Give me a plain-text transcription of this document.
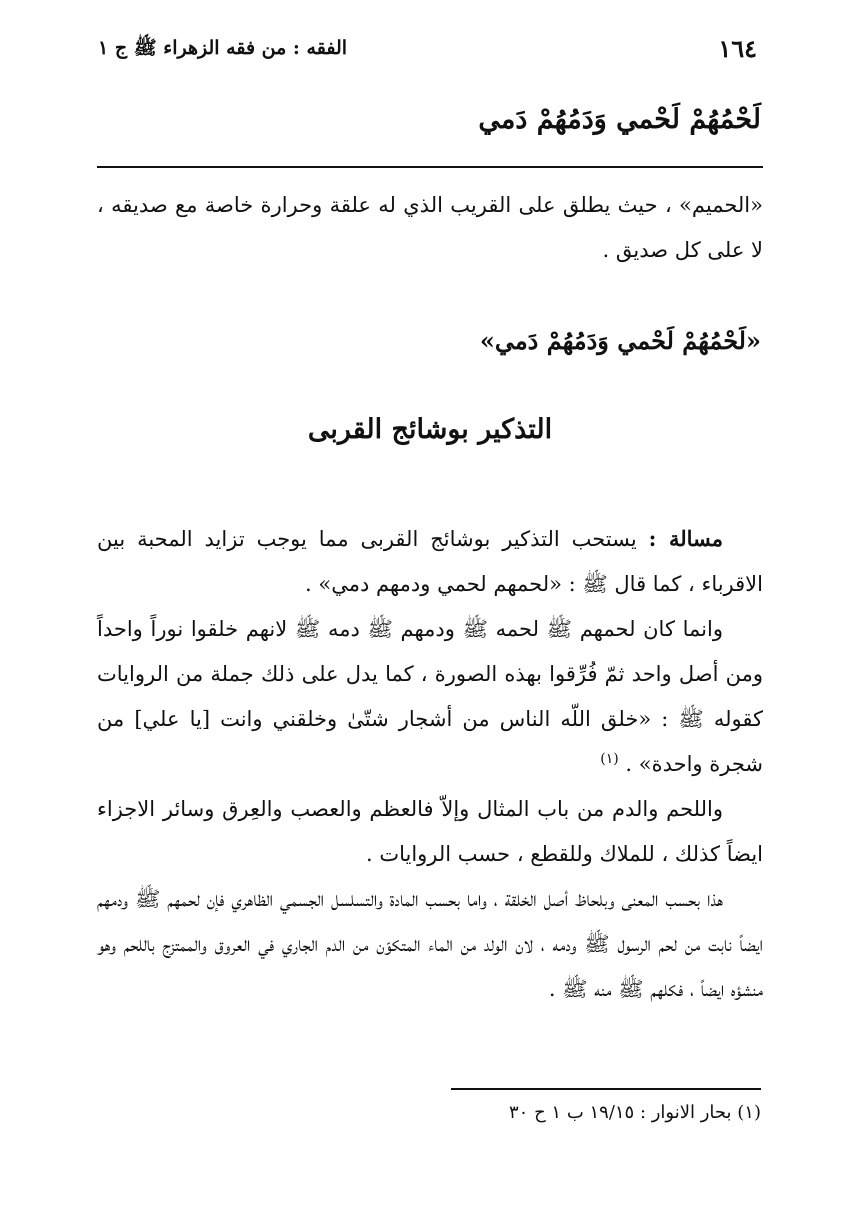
١٦٤
الفقه : من فقه الزهراء ﷺ ج ١
لَحْمُهُمْ لَحْمي وَدَمُهُمْ دَمي
«الحميم» ، حيث يطلق على القريب الذي له علقة وحرارة خاصة مع صديقه ، لا على كل صديق .
«لَحْمُهُمْ لَحْمي وَدَمُهُمْ دَمي»
التذكير بوشائج القربى

مسالة : يستحب التذكير بوشائج القربى مما يوجب تزايد المحبة بين الاقرباء ، كما قال ﷺ : «لحمهم لحمي ودمهم دمي» .

وانما كان لحمهم ﷺ لحمه ﷺ ودمهم ﷺ دمه ﷺ لانهم خلقوا نوراً واحداً ومن أصل واحد ثمّ فُرِّقوا بهذه الصورة ، كما يدل على ذلك جملة من الروايات كقوله ﷺ : «خلق اللّه الناس من أشجار شتّىٰ وخلقني وانت [يا علي] من شجرة واحدة» . $^{(١)}$

واللحم والدم من باب المثال وإلاّ فالعظم والعصب والعِرق وسائر الاجزاء ايضاً كذلك ، للملاك وللقطع ، حسب الروايات .

هذا بحسب المعنى وبلحاظ أصل الخلقة ، واما بحسب المادة والتسلسل الجسمي الظاهري فإن لحمهم ﷺ ودمهم ايضاً نابت من لحم الرسول ﷺ ودمه ، لان الولد من الماء المتكوّن من الدم الجاري في العروق والممتزج باللحم وهو منشؤه ايضاً ، فكلهم ﷺ منه ﷺ .

(١) بحار الانوار : ١٩/١٥ ب ١ ح ٣٠
